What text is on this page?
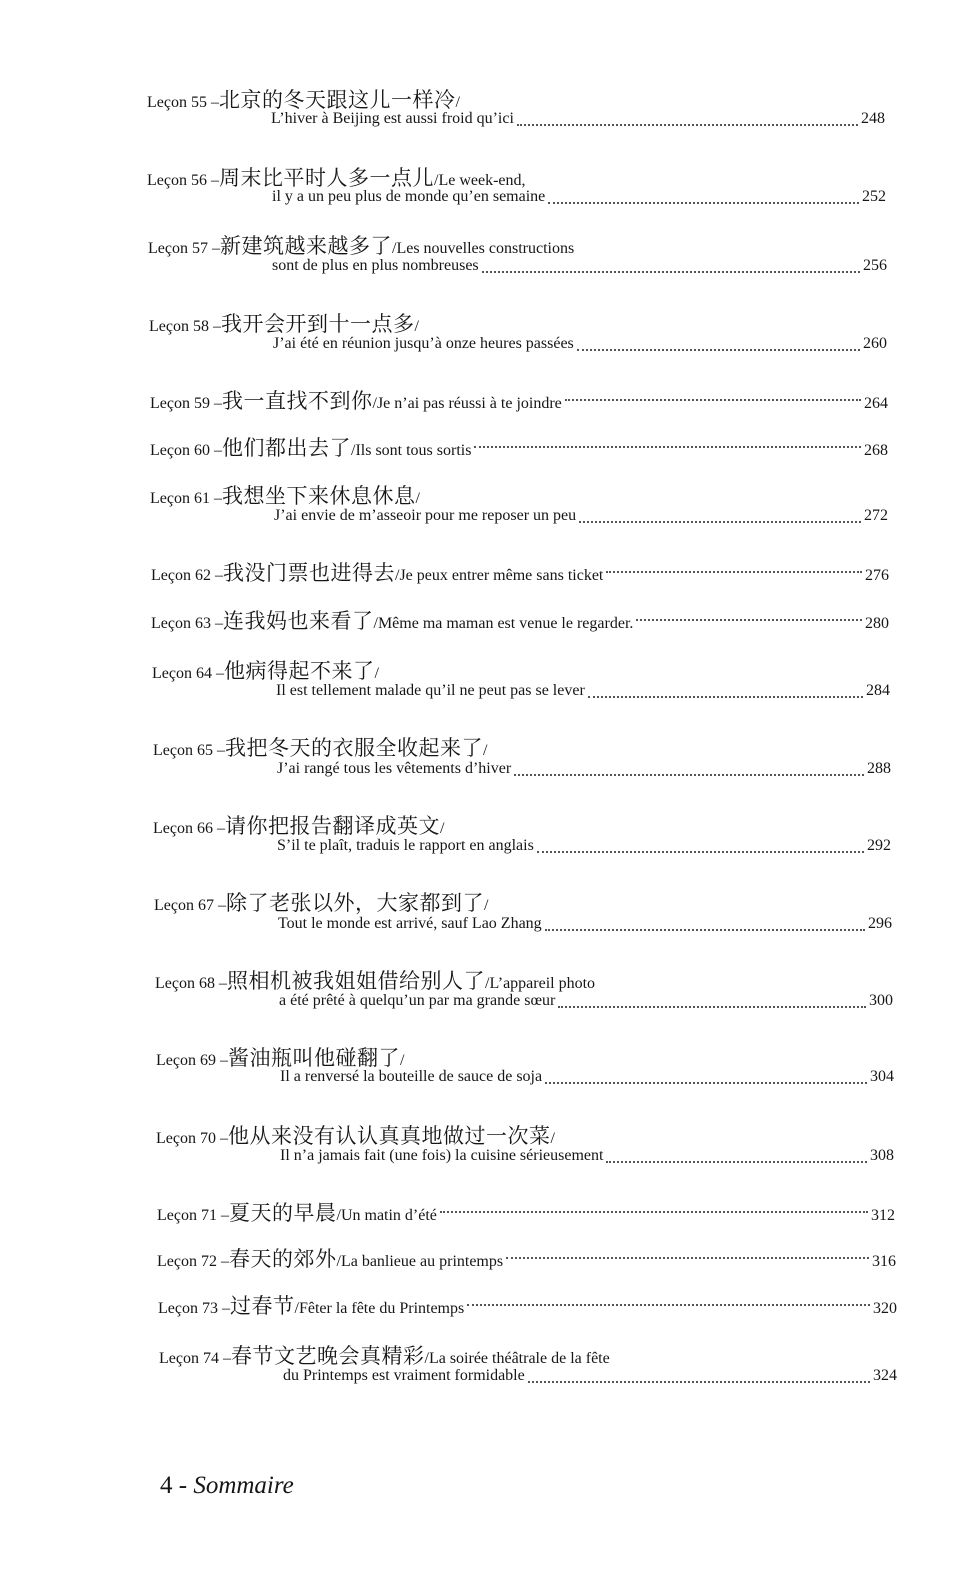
Leçon 55 – 北京的冬天跟这儿一样冷 /
L’hiver à Beijing est aussi froid qu’ici	248
Leçon 56 – 周末比平时人多一点儿 / Le week-end,
il y a un peu plus de monde qu’en semaine	252
Leçon 57 – 新建筑越来越多了 / Les nouvelles constructions
sont de plus en plus nombreuses	256
Leçon 58 – 我开会开到十一点多 /
J’ai été en réunion jusqu’à onze heures passées	260
Leçon 59 – 我一直找不到你 / Je n’ai pas réussi à te joindre	264
Leçon 60 – 他们都出去了 / Ils sont tous sortis	268
Leçon 61 – 我想坐下来休息休息 /
J’ai envie de m’asseoir pour me reposer un peu	272
Leçon 62 – 我没门票也进得去 / Je peux entrer même sans ticket	276
Leçon 63 – 连我妈也来看了 / Même ma maman est venue le regarder.	280
Leçon 64 – 他病得起不来了 /
Il est tellement malade qu’il ne peut pas se lever	284
Leçon 65 – 我把冬天的衣服全收起来了 /
J’ai rangé tous les vêtements d’hiver	288
Leçon 66 – 请你把报告翻译成英文 /
S’il te plaît, traduis le rapport en anglais	292
Leçon 67 – 除了老张以外，大家都到了 /
Tout le monde est arrivé, sauf Lao Zhang	296
Leçon 68 – 照相机被我姐姐借给别人了 / L’appareil photo
a été prêté à quelqu’un par ma grande sœur	300
Leçon 69 – 酱油瓶叫他碰翻了 /
Il a renversé la bouteille de sauce de soja	304
Leçon 70 – 他从来没有认认真真地做过一次菜 /
Il n’a jamais fait (une fois) la cuisine sérieusement	308
Leçon 71 – 夏天的早晨 / Un matin d’été	312
Leçon 72 – 春天的郊外 / La banlieue au printemps	316
Leçon 73 – 过春节 / Fêter la fête du Printemps	320
Leçon 74 – 春节文艺晚会真精彩 / La soirée théâtrale de la fête
du Printemps est vraiment formidable	324
4 - Sommaire
